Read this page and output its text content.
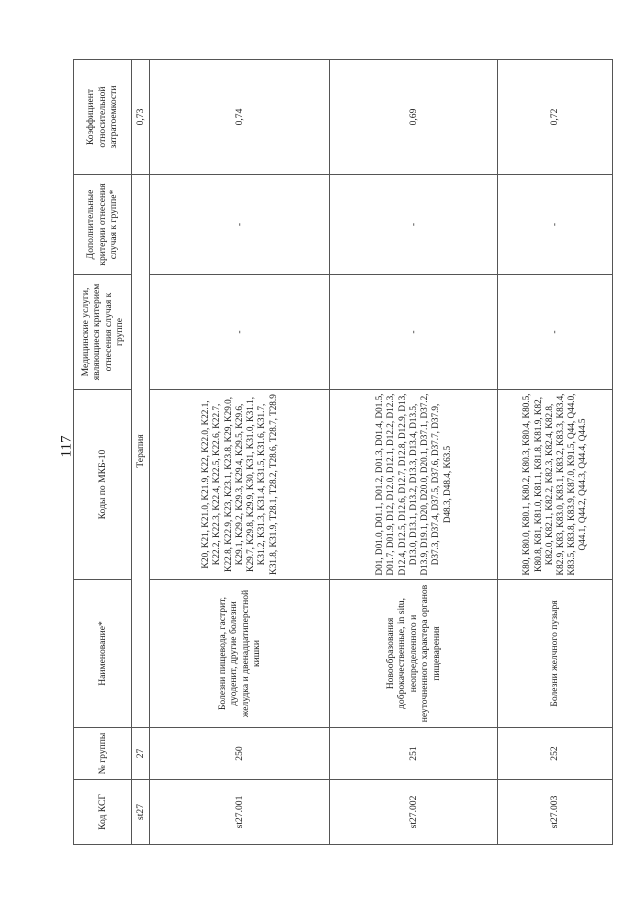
117
Код КСГ	№ группы	Наименование*	Коды по МКБ-10	Медицинские услуги, являющиеся критерием отнесения случая к группе	Дополнительные критерии отнесения случая к группе*	Коэффициент относительной затратоемкости
st27	27	Терапия				0,73
st27.001	250	Болезни пищевода, гастрит, дуоденит, другие болезни желудка и двенадцатиперстной кишки	K20, K21, K21.0, K21.9, K22, K22.0, K22.1, K22.2, K22.3, K22.4, K22.5, K22.6, K22.7, K22.8, K22.9, K23, K23.1, K23.8, K29, K29.0, K29.1, K29.2, K29.3, K29.4, K29.5, K29.6, K29.7, K29.8, K29.9, K30, K31, K31.0, K31.1, K31.2, K31.3, K31.4, K31.5, K31.6, K31.7, K31.8, K31.9, T28.1, T28.2, T28.6, T28.7, T28.9	-	-	0,74
st27.002	251	Новообразования доброкачественные, in situ, неопределенного и неуточненного характера органов пищеварения	D01, D01.0, D01.1, D01.2, D01.3, D01.4, D01.5, D01.7, D01.9, D12, D12.0, D12.1, D12.2, D12.3, D12.4, D12.5, D12.6, D12.7, D12.8, D12.9, D13, D13.0, D13.1, D13.2, D13.3, D13.4, D13.5, D13.9, D19.1, D20, D20.0, D20.1, D37.1, D37.2, D37.3, D37.4, D37.5, D37.6, D37.7, D37.9, D48.3, D48.4, K63.5	-	-	0,69
st27.003	252	Болезни желчного пузыря	K80, K80.0, K80.1, K80.2, K80.3, K80.4, K80.5, K80.8, K81, K81.0, K81.1, K81.8, K81.9, K82, K82.0, K82.1, K82.2, K82.3, K82.4, K82.8, K82.9, K83, K83.0, K83.1, K83.2, K83.3, K83.4, K83.5, K83.8, K83.9, K87.0, K91.5, Q44, Q44.0, Q44.1, Q44.2, Q44.3, Q44.4, Q44.5	-	-	0,72
